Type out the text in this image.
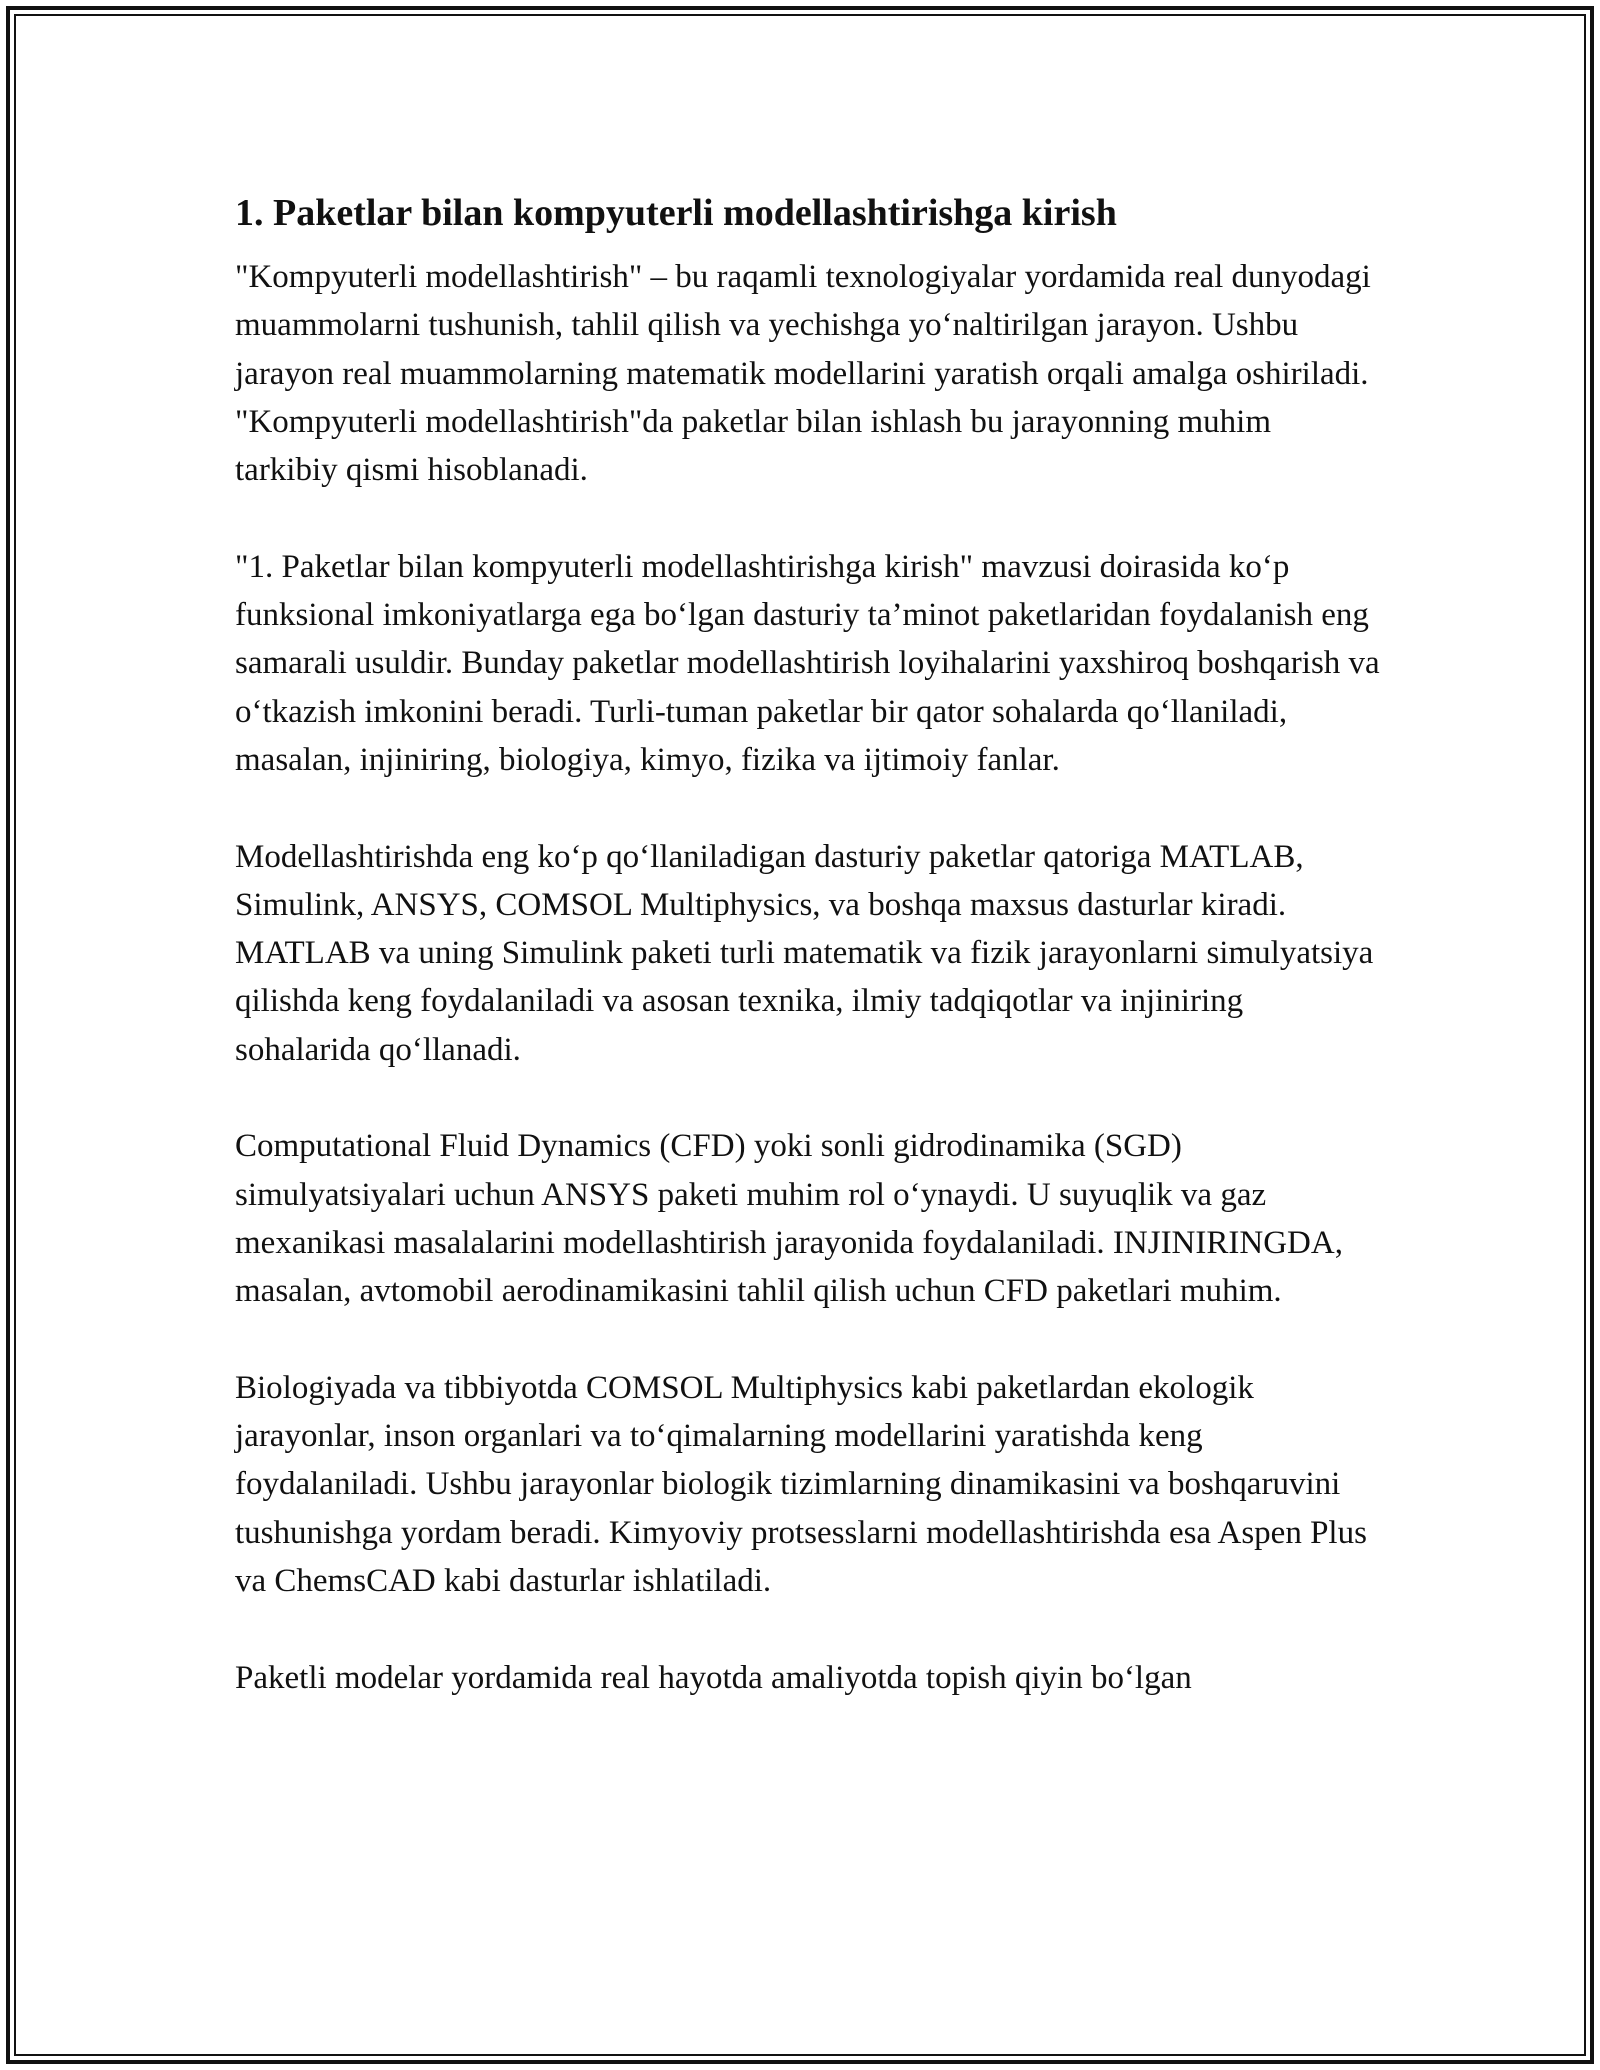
1. Paketlar bilan kompyuterli modellashtirishga kirish

"Kompyuterli modellashtirish" – bu raqamli texnologiyalar yordamida real dunyodagi muammolarni tushunish, tahlil qilish va yechishga yo‘naltirilgan jarayon. Ushbu jarayon real muammolarning matematik modellarini yaratish orqali amalga oshiriladi. "Kompyuterli modellashtirish"da paketlar bilan ishlash bu jarayonning muhim tarkibiy qismi hisoblanadi.

"1. Paketlar bilan kompyuterli modellashtirishga kirish" mavzusi doirasida ko‘p funksional imkoniyatlarga ega bo‘lgan dasturiy ta’minot paketlaridan foydalanish eng samarali usuldir. Bunday paketlar modellashtirish loyihalarini yaxshiroq boshqarish va o‘tkazish imkonini beradi. Turli-tuman paketlar bir qator sohalarda qo‘llaniladi, masalan, injiniring, biologiya, kimyo, fizika va ijtimoiy fanlar.

Modellashtirishda eng ko‘p qo‘llaniladigan dasturiy paketlar qatoriga MATLAB, Simulink, ANSYS, COMSOL Multiphysics, va boshqa maxsus dasturlar kiradi. MATLAB va uning Simulink paketi turli matematik va fizik jarayonlarni simulyatsiya qilishda keng foydalaniladi va asosan texnika, ilmiy tadqiqotlar va injiniring sohalarida qo‘llanadi.

Computational Fluid Dynamics (CFD) yoki sonli gidrodinamika (SGD) simulyatsiyalari uchun ANSYS paketi muhim rol o‘ynaydi. U suyuqlik va gaz mexanikasi masalalarini modellashtirish jarayonida foydalaniladi. INJINIRINGDA, masalan, avtomobil aerodinamikasini tahlil qilish uchun CFD paketlari muhim.

Biologiyada va tibbiyotda COMSOL Multiphysics kabi paketlardan ekologik jarayonlar, inson organlari va to‘qimalarning modellarini yaratishda keng foydalaniladi. Ushbu jarayonlar biologik tizimlarning dinamikasini va boshqaruvini tushunishga yordam beradi. Kimyoviy protsesslarni modellashtirishda esa Aspen Plus va ChemsCAD kabi dasturlar ishlatiladi.

Paketli modelar yordamida real hayotda amaliyotda topish qiyin bo‘lgan
